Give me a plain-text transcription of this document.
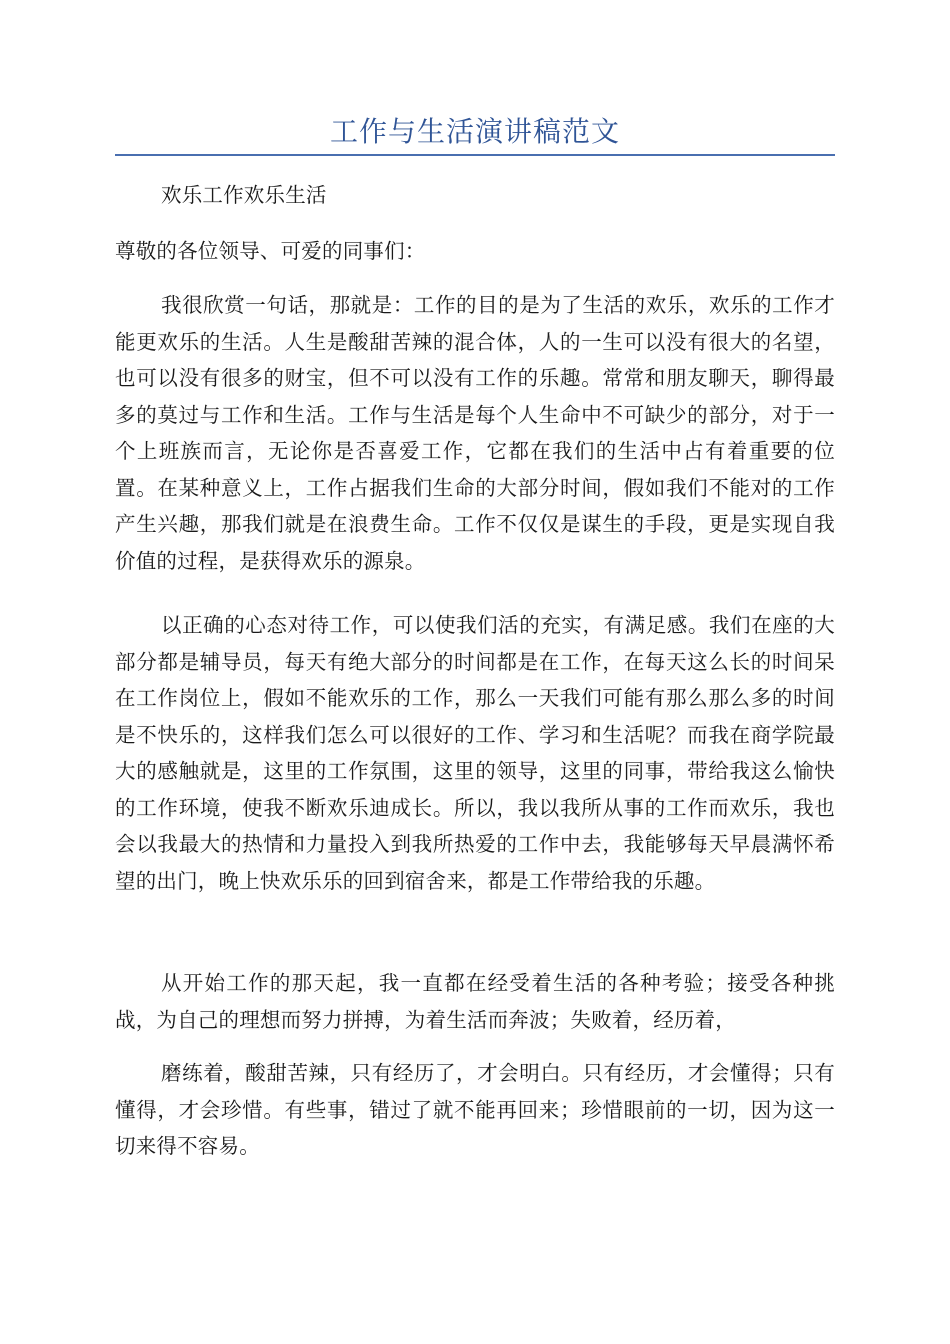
工作与生活演讲稿范文

欢乐工作欢乐生活

尊敬的各位领导、可爱的同事们：

我很欣赏一句话，那就是：工作的目的是为了生活的欢乐，欢乐的工作才能更欢乐的生活。人生是酸甜苦辣的混合体，人的一生可以没有很大的名望，也可以没有很多的财宝，但不可以没有工作的乐趣。常常和朋友聊天，聊得最多的莫过与工作和生活。工作与生活是每个人生命中不可缺少的部分，对于一个上班族而言，无论你是否喜爱工作，它都在我们的生活中占有着重要的位置。在某种意义上，工作占据我们生命的大部分时间，假如我们不能对的工作产生兴趣，那我们就是在浪费生命。工作不仅仅是谋生的手段，更是实现自我价值的过程，是获得欢乐的源泉。

以正确的心态对待工作，可以使我们活的充实，有满足感。我们在座的大部分都是辅导员，每天有绝大部分的时间都是在工作，在每天这么长的时间呆在工作岗位上，假如不能欢乐的工作，那么一天我们可能有那么那么多的时间是不快乐的，这样我们怎么可以很好的工作、学习和生活呢？而我在商学院最大的感触就是，这里的工作氛围，这里的领导，这里的同事，带给我这么愉快的工作环境，使我不断欢乐迪成长。所以，我以我所从事的工作而欢乐，我也会以我最大的热情和力量投入到我所热爱的工作中去，我能够每天早晨满怀希望的出门，晚上快欢乐乐的回到宿舍来，都是工作带给我的乐趣。

从开始工作的那天起，我一直都在经受着生活的各种考验；接受各种挑战，为自己的理想而努力拼搏，为着生活而奔波；失败着，经历着，

磨练着，酸甜苦辣，只有经历了，才会明白。只有经历，才会懂得；只有懂得，才会珍惜。有些事，错过了就不能再回来；珍惜眼前的一切，因为这一切来得不容易。
